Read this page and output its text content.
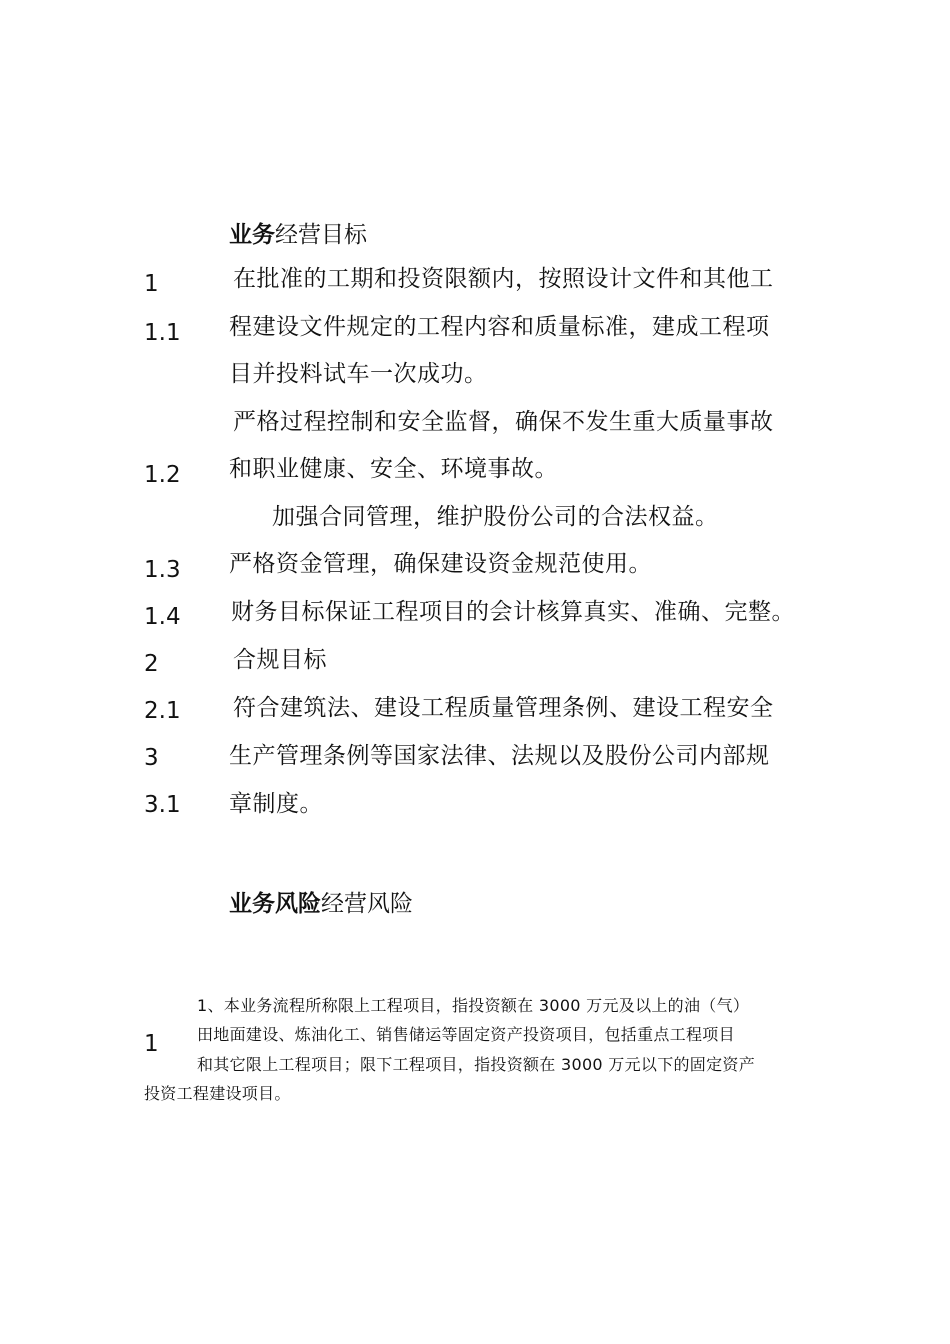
业务经营目标
1
1.1
1.2
1.3
1.4
2
2.1
3
3.1
在批准的工期和投资限额内，按照设计文件和其他工
程建设文件规定的工程内容和质量标准，建成工程项
目并投料试车一次成功。
严格过程控制和安全监督，确保不发生重大质量事故
和职业健康、安全、环境事故。
加强合同管理，维护股份公司的合法权益。
严格资金管理，确保建设资金规范使用。
财务目标保证工程项目的会计核算真实、准确、完整。
合规目标
符合建筑法、建设工程质量管理条例、建设工程安全
生产管理条例等国家法律、法规以及股份公司内部规
章制度。
业务风险经营风险
1
1、本业务流程所称限上工程项目，指投资额在 3000 万元及以上的油（气）
田地面建设、炼油化工、销售储运等固定资产投资项目，包括重点工程项目
和其它限上工程项目；限下工程项目，指投资额在 3000 万元以下的固定资产
投资工程建设项目。
